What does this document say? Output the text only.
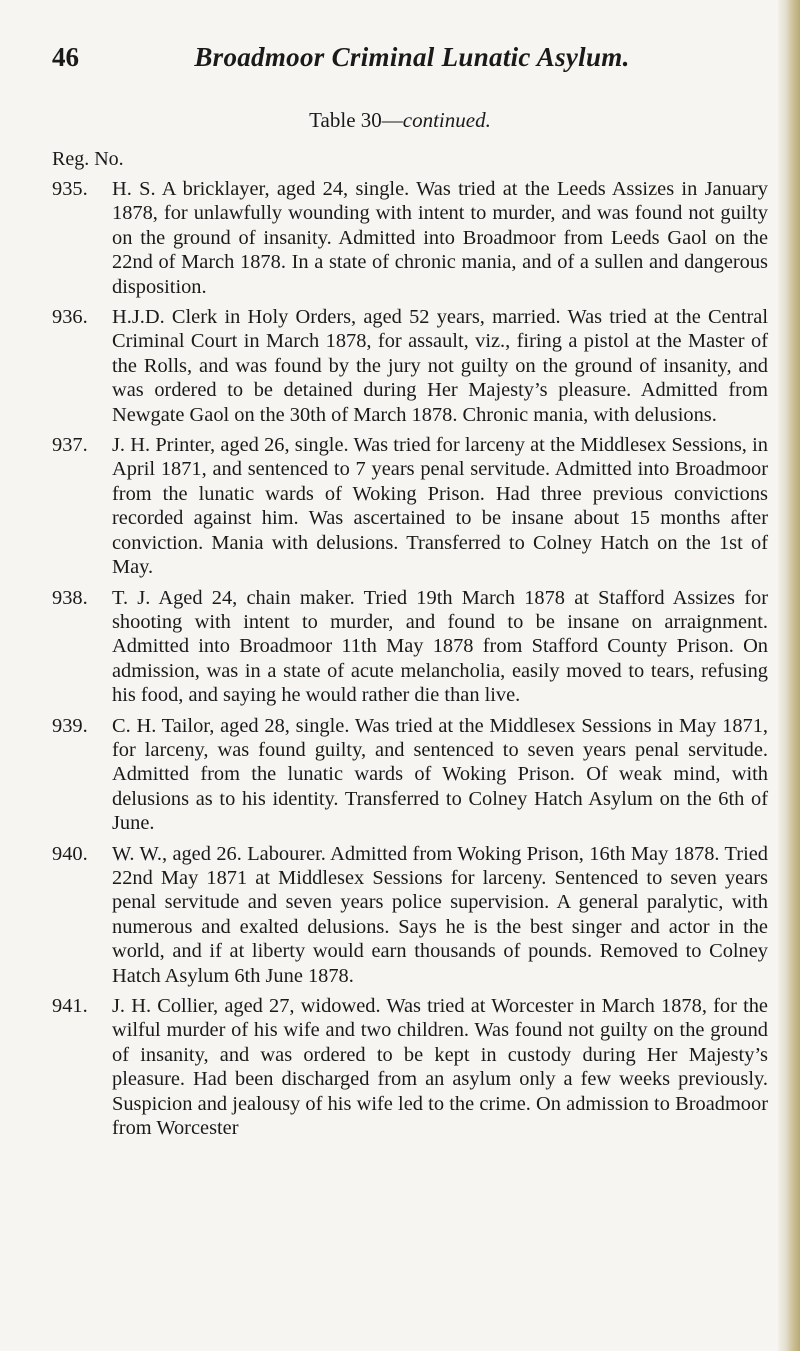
46	Broadmoor Criminal Lunatic Asylum.
Table 30—continued.
Reg. No.

935. H. S. A bricklayer, aged 24, single. Was tried at the Leeds Assizes in January 1878, for unlawfully wounding with intent to murder, and was found not guilty on the ground of insanity. Admitted into Broadmoor from Leeds Gaol on the 22nd of March 1878. In a state of chronic mania, and of a sullen and dangerous disposition.

936. H.J.D. Clerk in Holy Orders, aged 52 years, married. Was tried at the Central Criminal Court in March 1878, for assault, viz., firing a pistol at the Master of the Rolls, and was found by the jury not guilty on the ground of insanity, and was ordered to be detained during Her Majesty’s pleasure. Admitted from Newgate Gaol on the 30th of March 1878. Chronic mania, with delusions.

937. J. H. Printer, aged 26, single. Was tried for larceny at the Middlesex Sessions, in April 1871, and sentenced to 7 years penal servitude. Admitted into Broadmoor from the lunatic wards of Woking Prison. Had three previous convictions recorded against him. Was ascertained to be insane about 15 months after conviction. Mania with delusions. Transferred to Colney Hatch on the 1st of May.

938. T. J. Aged 24, chain maker. Tried 19th March 1878 at Stafford Assizes for shooting with intent to murder, and found to be insane on arraignment. Admitted into Broadmoor 11th May 1878 from Stafford County Prison. On admission, was in a state of acute melancholia, easily moved to tears, refusing his food, and saying he would rather die than live.

939. C. H. Tailor, aged 28, single. Was tried at the Middlesex Sessions in May 1871, for larceny, was found guilty, and sentenced to seven years penal servitude. Admitted from the lunatic wards of Woking Prison. Of weak mind, with delusions as to his identity. Transferred to Colney Hatch Asylum on the 6th of June.

940. W. W., aged 26. Labourer. Admitted from Woking Prison, 16th May 1878. Tried 22nd May 1871 at Middlesex Sessions for larceny. Sentenced to seven years penal servitude and seven years police supervision. A general paralytic, with numerous and exalted delusions. Says he is the best singer and actor in the world, and if at liberty would earn thousands of pounds. Removed to Colney Hatch Asylum 6th June 1878.

941. J. H. Collier, aged 27, widowed. Was tried at Worcester in March 1878, for the wilful murder of his wife and two children. Was found not guilty on the ground of insanity, and was ordered to be kept in custody during Her Majesty’s pleasure. Had been discharged from an asylum only a few weeks previously. Suspicion and jealousy of his wife led to the crime. On admission to Broadmoor from Worcester
